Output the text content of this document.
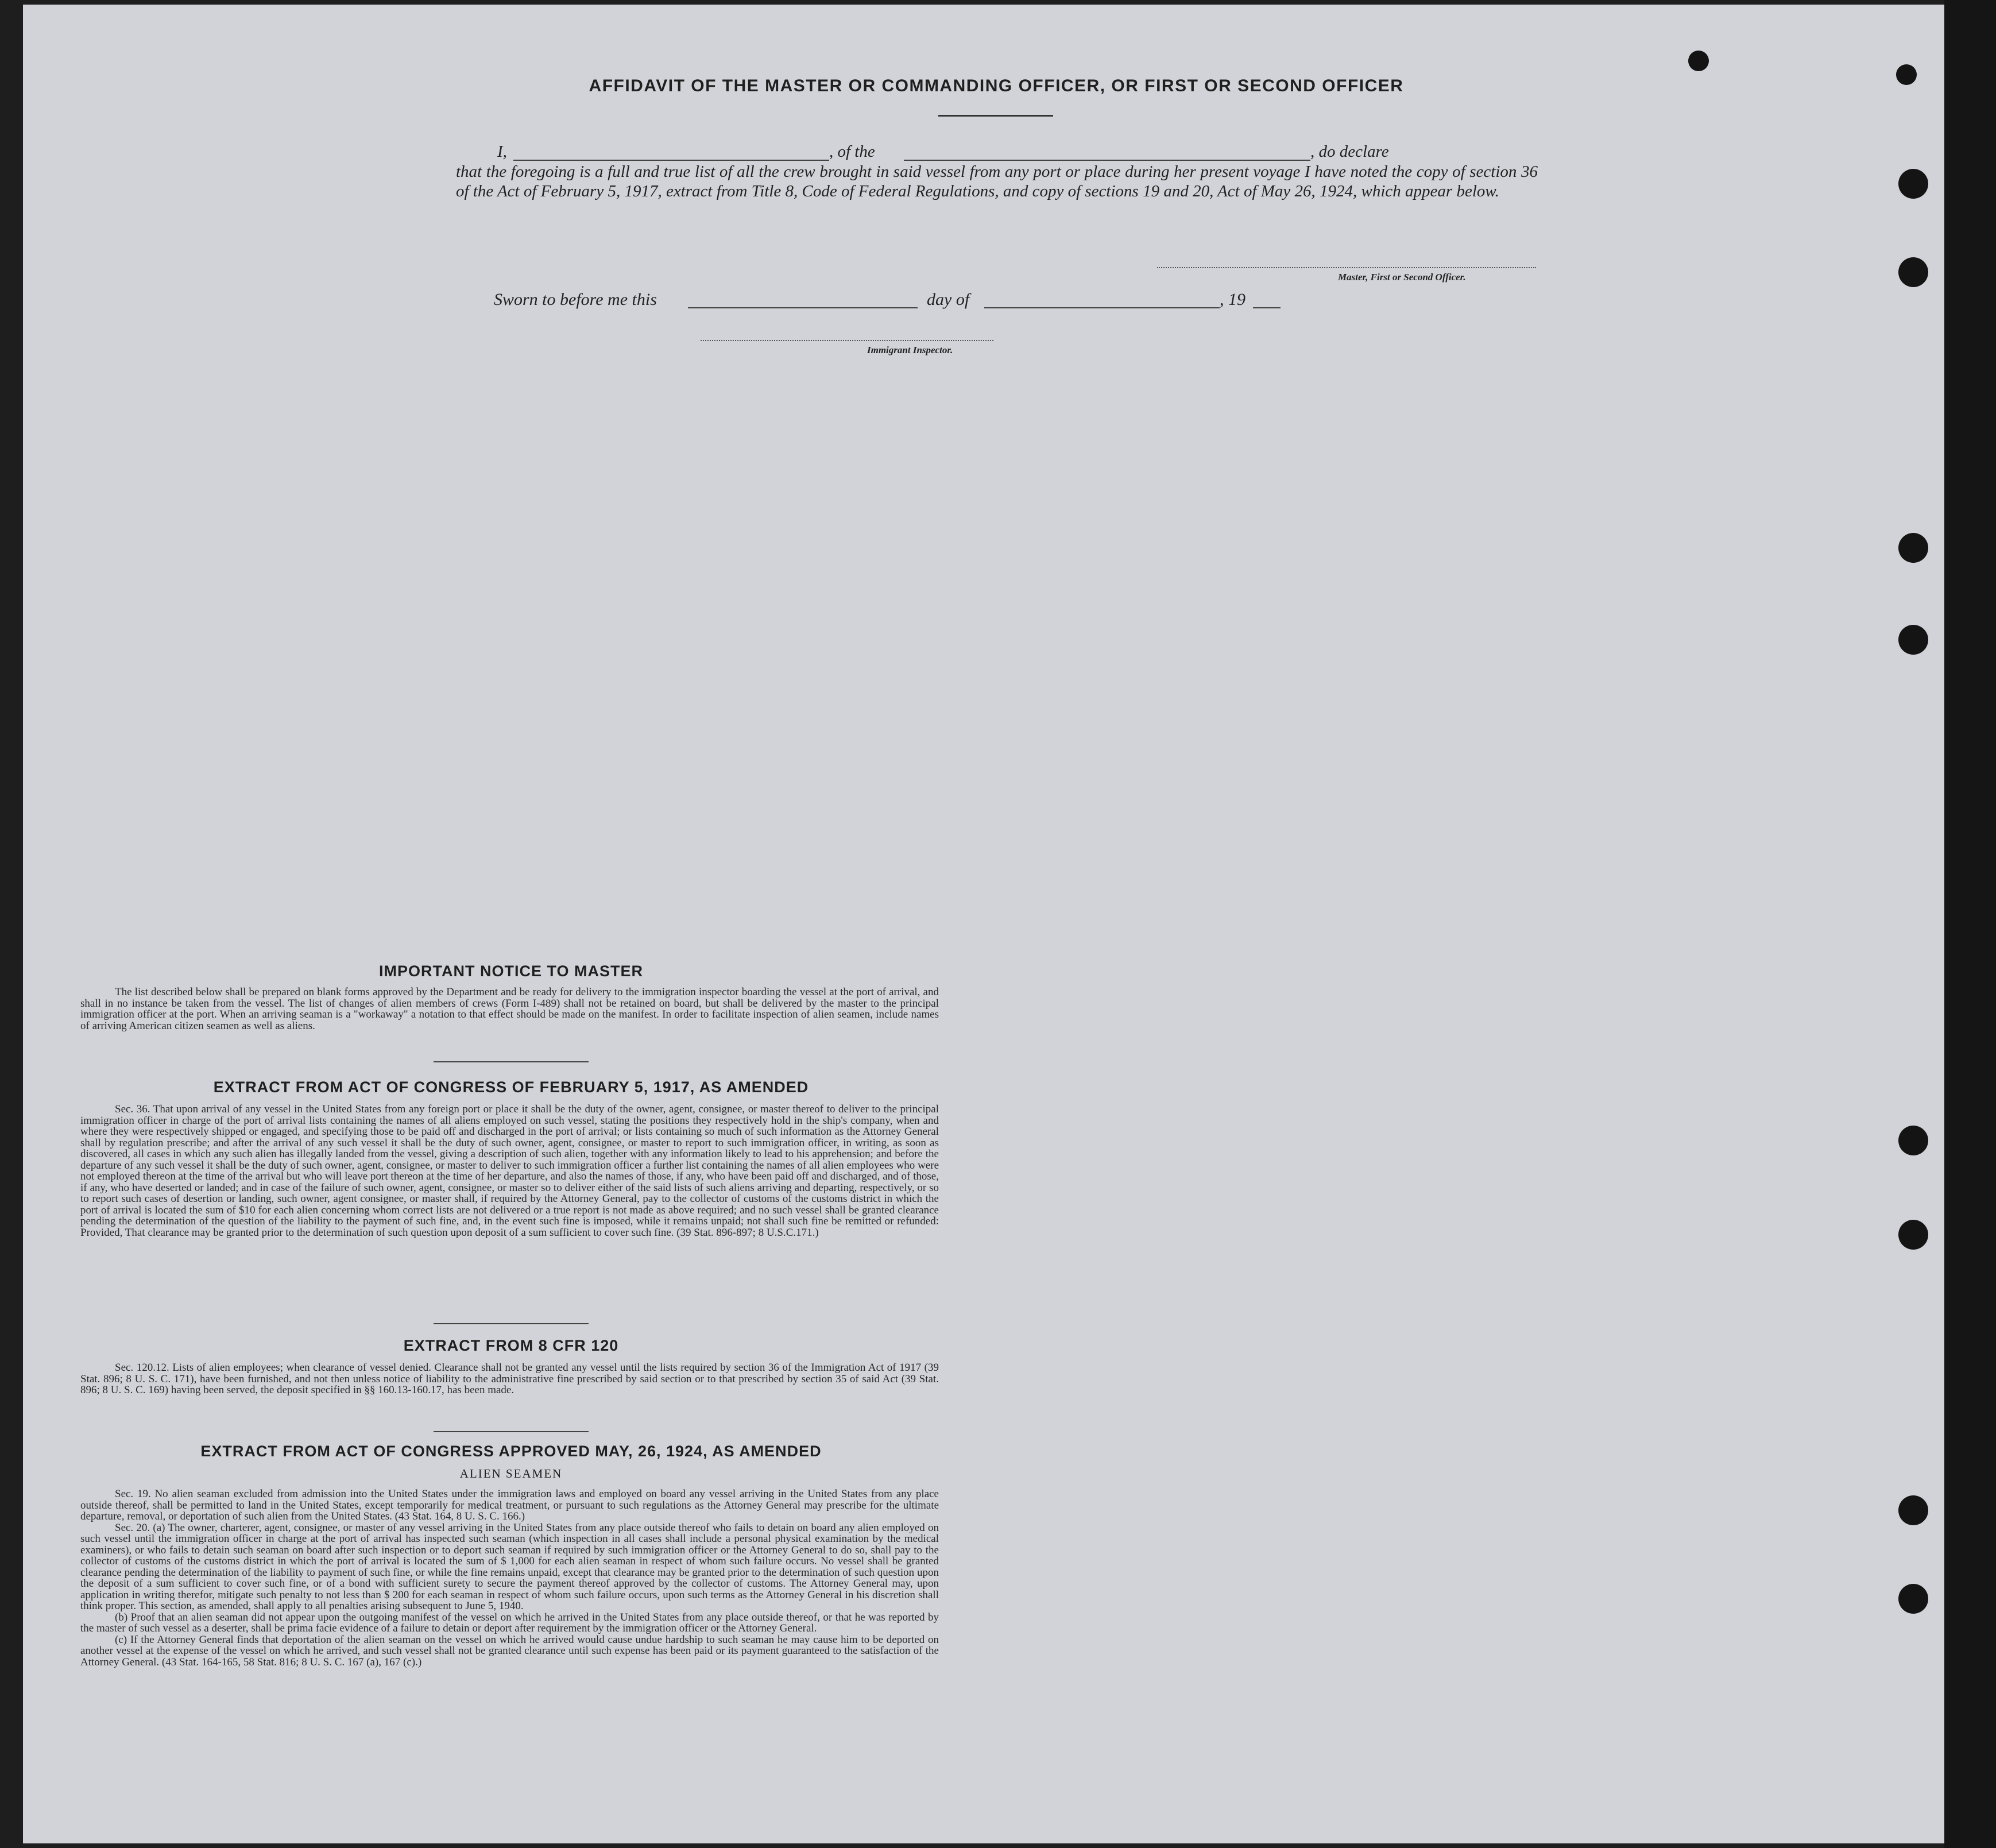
AFFIDAVIT OF THE MASTER OR COMMANDING OFFICER, OR FIRST OR SECOND OFFICER
I,	, of the	, do declare
that the foregoing is a full and true list of all the crew brought in said vessel from any port or place during her present voyage I have noted the copy of section 36 of the Act of February 5, 1917, extract from Title 8, Code of Federal Regulations, and copy of sections 19 and 20, Act of May 26, 1924, which appear below.
Master, First or Second Officer.
Sworn to before me this	day of	, 19
Immigrant Inspector.
IMPORTANT NOTICE TO MASTER

The list described below shall be prepared on blank forms approved by the Department and be ready for delivery to the immigration inspector boarding the vessel at the port of arrival, and shall in no instance be taken from the vessel. The list of changes of alien members of crews (Form I-489) shall not be retained on board, but shall be delivered by the master to the principal immigration officer at the port. When an arriving seaman is a "workaway" a notation to that effect should be made on the manifest. In order to facilitate inspection of alien seamen, include names of arriving American citizen seamen as well as aliens.

EXTRACT FROM ACT OF CONGRESS OF FEBRUARY 5, 1917, AS AMENDED

Sec. 36. That upon arrival of any vessel in the United States from any foreign port or place it shall be the duty of the owner, agent, consignee, or master thereof to deliver to the principal immigration officer in charge of the port of arrival lists containing the names of all aliens employed on such vessel, stating the positions they respectively hold in the ship's company, when and where they were respectively shipped or engaged, and specifying those to be paid off and discharged in the port of arrival; or lists containing so much of such information as the Attorney General shall by regulation prescribe; and after the arrival of any such vessel it shall be the duty of such owner, agent, consignee, or master to report to such immigration officer, in writing, as soon as discovered, all cases in which any such alien has illegally landed from the vessel, giving a description of such alien, together with any information likely to lead to his apprehension; and before the departure of any such vessel it shall be the duty of such owner, agent, consignee, or master to deliver to such immigration officer a further list containing the names of all alien employees who were not employed thereon at the time of the arrival but who will leave port thereon at the time of her departure, and also the names of those, if any, who have been paid off and discharged, and of those, if any, who have deserted or landed; and in case of the failure of such owner, agent, consignee, or master so to deliver either of the said lists of such aliens arriving and departing, respectively, or so to report such cases of desertion or landing, such owner, agent consignee, or master shall, if required by the Attorney General, pay to the collector of customs of the customs district in which the port of arrival is located the sum of $10 for each alien concerning whom correct lists are not delivered or a true report is not made as above required; and no such vessel shall be granted clearance pending the determination of the question of the liability to the payment of such fine, and, in the event such fine is imposed, while it remains unpaid; not shall such fine be remitted or refunded: Provided, That clearance may be granted prior to the determination of such question upon deposit of a sum sufficient to cover such fine. (39 Stat. 896-897; 8 U.S.C.171.)

EXTRACT FROM 8 CFR 120

Sec. 120.12. Lists of alien employees; when clearance of vessel denied. Clearance shall not be granted any vessel until the lists required by section 36 of the Immigration Act of 1917 (39 Stat. 896; 8 U. S. C. 171), have been furnished, and not then unless notice of liability to the administrative fine prescribed by said section or to that prescribed by section 35 of said Act (39 Stat. 896; 8 U. S. C. 169) having been served, the deposit specified in §§ 160.13-160.17, has been made.

EXTRACT FROM ACT OF CONGRESS APPROVED MAY, 26, 1924, AS AMENDED
ALIEN SEAMEN

Sec. 19. No alien seaman excluded from admission into the United States under the immigration laws and employed on board any vessel arriving in the United States from any place outside thereof, shall be permitted to land in the United States, except temporarily for medical treatment, or pursuant to such regulations as the Attorney General may prescribe for the ultimate departure, removal, or deportation of such alien from the United States. (43 Stat. 164, 8 U. S. C. 166.)

Sec. 20. (a) The owner, charterer, agent, consignee, or master of any vessel arriving in the United States from any place outside thereof who fails to detain on board any alien employed on such vessel until the immigration officer in charge at the port of arrival has inspected such seaman (which inspection in all cases shall include a personal physical examination by the medical examiners), or who fails to detain such seaman on board after such inspection or to deport such seaman if required by such immigration officer or the Attorney General to do so, shall pay to the collector of customs of the customs district in which the port of arrival is located the sum of $ 1,000 for each alien seaman in respect of whom such failure occurs. No vessel shall be granted clearance pending the determination of the liability to payment of such fine, or while the fine remains unpaid, except that clearance may be granted prior to the determination of such question upon the deposit of a sum sufficient to cover such fine, or of a bond with sufficient surety to secure the payment thereof approved by the collector of customs. The Attorney General may, upon application in writing therefor, mitigate such penalty to not less than $ 200 for each seaman in respect of whom such failure occurs, upon such terms as the Attorney General in his discretion shall think proper. This section, as amended, shall apply to all penalties arising subsequent to June 5, 1940.

(b) Proof that an alien seaman did not appear upon the outgoing manifest of the vessel on which he arrived in the United States from any place outside thereof, or that he was reported by the master of such vessel as a deserter, shall be prima facie evidence of a failure to detain or deport after requirement by the immigration officer or the Attorney General.

(c) If the Attorney General finds that deportation of the alien seaman on the vessel on which he arrived would cause undue hardship to such seaman he may cause him to be deported on another vessel at the expense of the vessel on which he arrived, and such vessel shall not be granted clearance until such expense has been paid or its payment guaranteed to the satisfaction of the Attorney General. (43 Stat. 164-165, 58 Stat. 816; 8 U. S. C. 167 (a), 167 (c).)
